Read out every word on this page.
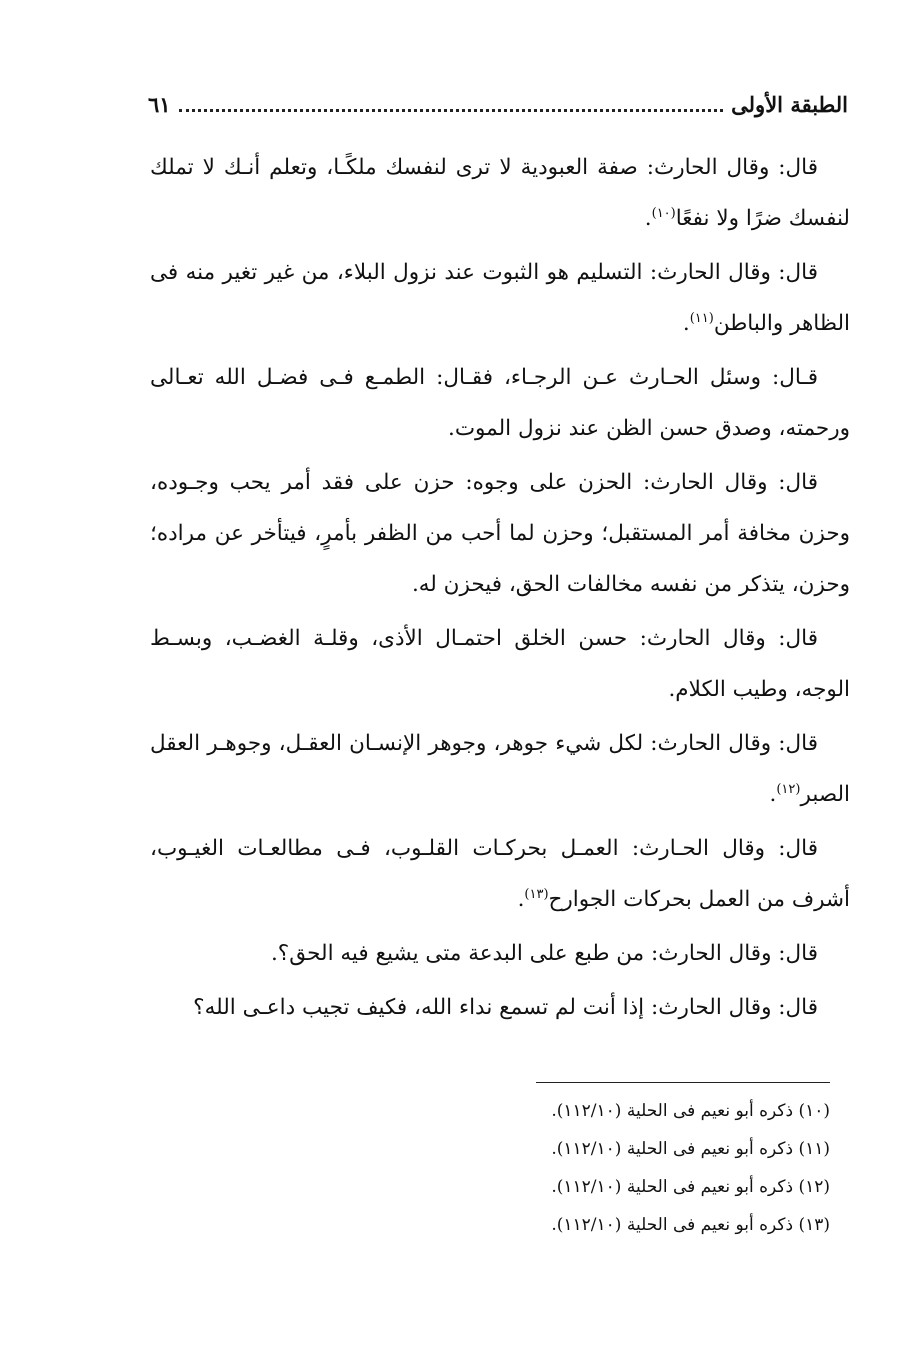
الطبقة الأولى
٦١

قال: وقال الحارث: صفة العبودية لا ترى لنفسك ملكًـا، وتعلم أنـك لا تملك لنفسك ضرًا ولا نفعًا$^{(١٠)}$.

قال: وقال الحارث: التسليم هو الثبوت عند نزول البلاء، من غير تغير منه فى الظاهر والباطن$^{(١١)}$.

قـال: وسئل الحـارث عـن الرجـاء، فقـال: الطمـع فـى فضـل الله تعـالى ورحمته، وصدق حسن الظن عند نزول الموت.

قال: وقال الحارث: الحزن على وجوه: حزن على فقد أمر يحب وجـوده، وحزن مخافة أمر المستقبل؛ وحزن لما أحب من الظفر بأمرٍ، فيتأخر عن مراده؛ وحزن، يتذكر من نفسه مخالفات الحق، فيحزن له.

قال: وقال الحارث: حسن الخلق احتمـال الأذى، وقلـة الغضـب، وبسـط الوجه، وطيب الكلام.

قال: وقال الحارث: لكل شيء جوهر، وجوهر الإنسـان العقـل، وجوهـر العقل الصبر$^{(١٢)}$.

قال: وقال الحـارث: العمـل بحركـات القلـوب، فـى مطالعـات الغيـوب، أشرف من العمل بحركات الجوارح$^{(١٣)}$.

قال: وقال الحارث: من طبع على البدعة متى يشيع فيه الحق؟.

قال: وقال الحارث: إذا أنت لم تسمع نداء الله، فكيف تجيب داعـى الله؟

(١٠) ذكره أبو نعيم فى الحلية (١١٢/١٠).
(١١) ذكره أبو نعيم فى الحلية (١١٢/١٠).
(١٢) ذكره أبو نعيم فى الحلية (١١٢/١٠).
(١٣) ذكره أبو نعيم فى الحلية (١١٢/١٠).
